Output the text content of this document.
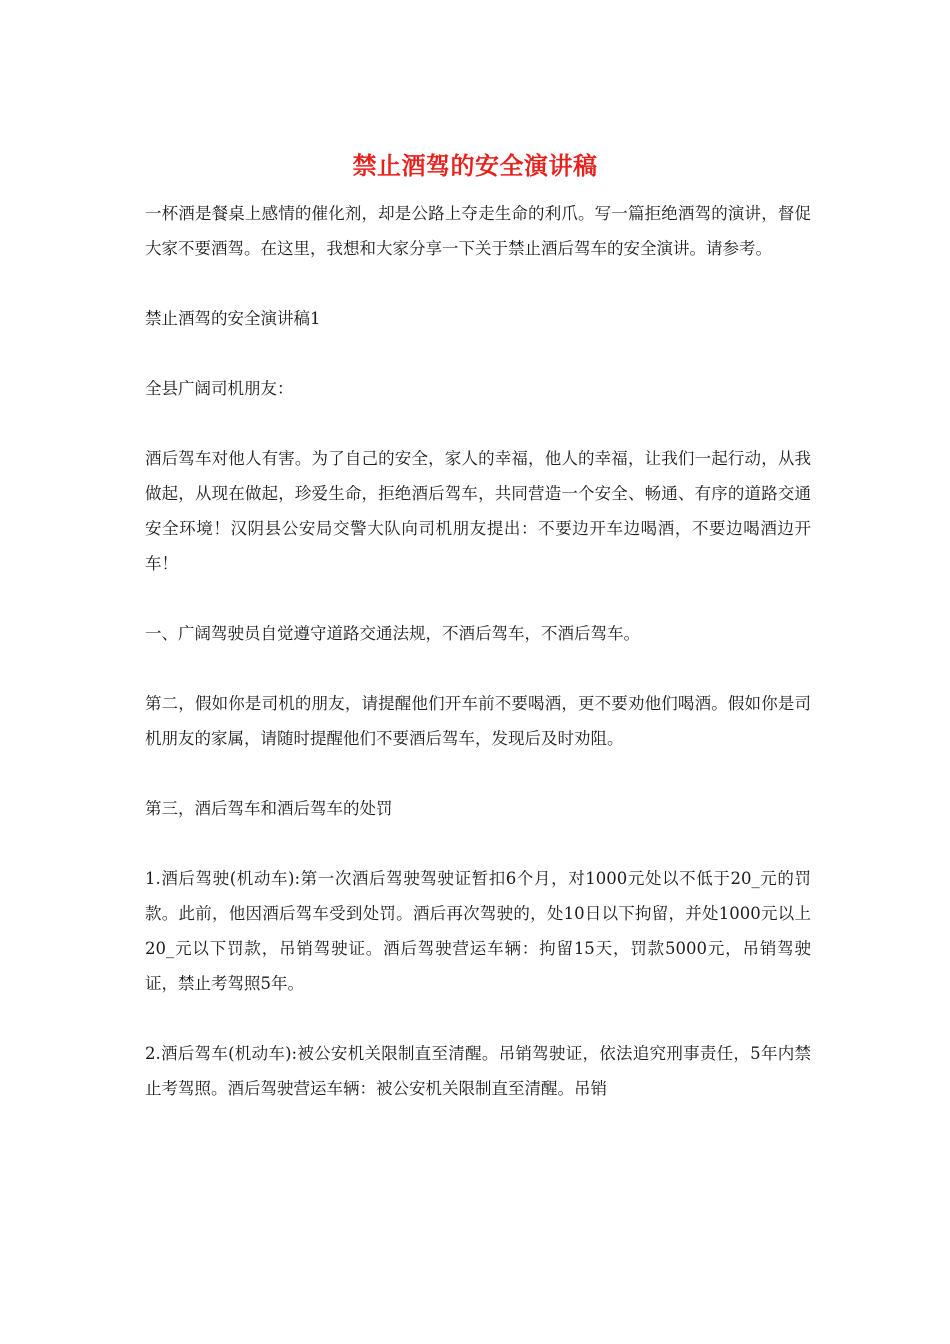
禁止酒驾的安全演讲稿

一杯酒是餐桌上感情的催化剂，却是公路上夺走生命的利爪。写一篇拒绝酒驾的演讲，督促大家不要酒驾。在这里，我想和大家分享一下关于禁止酒后驾车的安全演讲。请参考。

禁止酒驾的安全演讲稿1

全县广阔司机朋友：

酒后驾车对他人有害。为了自己的安全，家人的幸福，他人的幸福，让我们一起行动，从我做起，从现在做起，珍爱生命，拒绝酒后驾车，共同营造一个安全、畅通、有序的道路交通安全环境！汉阴县公安局交警大队向司机朋友提出：不要边开车边喝酒，不要边喝酒边开车！

一、广阔驾驶员自觉遵守道路交通法规，不酒后驾车，不酒后驾车。

第二，假如你是司机的朋友，请提醒他们开车前不要喝酒，更不要劝他们喝酒。假如你是司机朋友的家属，请随时提醒他们不要酒后驾车，发现后及时劝阻。

第三，酒后驾车和酒后驾车的处罚

1.酒后驾驶(机动车):第一次酒后驾驶驾驶证暂扣6个月，对1000元处以不低于20_元的罚款。此前，他因酒后驾车受到处罚。酒后再次驾驶的，处10日以下拘留，并处1000元以上20_元以下罚款，吊销驾驶证。酒后驾驶营运车辆：拘留15天，罚款5000元，吊销驾驶证，禁止考驾照5年。

2.酒后驾车(机动车):被公安机关限制直至清醒。吊销驾驶证，依法追究刑事责任，5年内禁止考驾照。酒后驾驶营运车辆：被公安机关限制直至清醒。吊销
